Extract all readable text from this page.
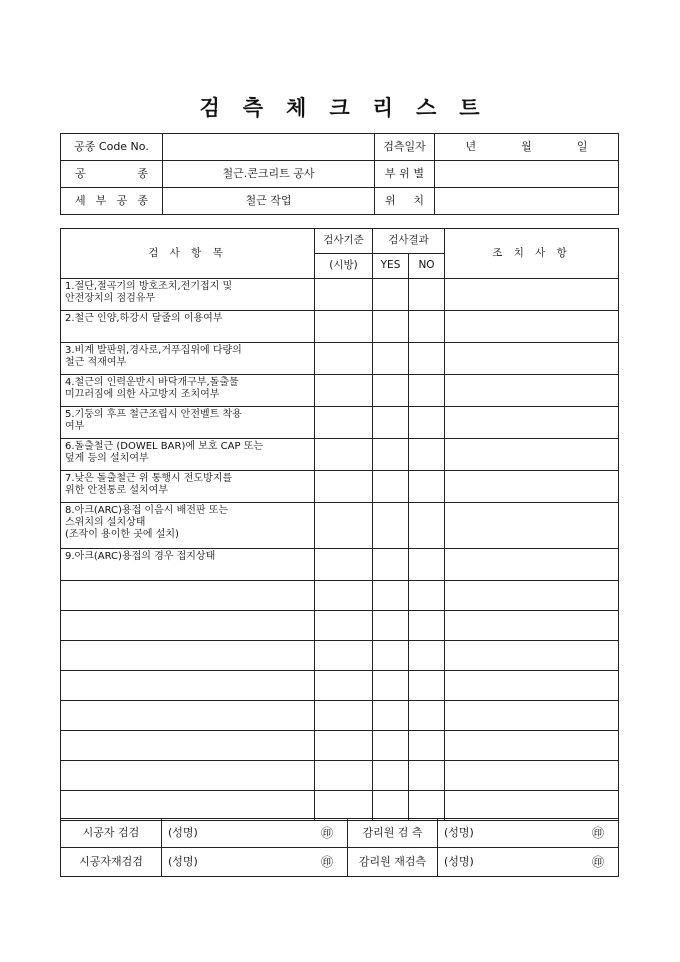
검 측 체 크 리 스 트
공종 Code No.		검측일자	년 월 일

공 종	철근.콘크리트 공사	부 위 별	
세 부 공 종	철근 작업	위 치	
검 사 항 목	검사기준	검사결과		조 치 사 항
	(시방)	YES	NO	
1.절단,절곡기의 방호조치,전기접지 및
안전장치의 점검유무				
2.철근 인양,하강시 달줄의 이용여부				
3.비계 발판위,경사로,거푸집위에 다량의
철근 적재여부				
4.철근의 인력운반시 바닥개구부,돌출물
미끄러짐에 의한 사고방지 조치여부				
5.기둥의 후프 철근조립시 안전벨트 착용
여부				
6.돌출철근 (DOWEL BAR)에 보호 CAP 또는
덮게 등의 설치여부				
7.낮은 돌출철근 위 통행시 전도방지를
위한 안전통로 설치여부				
8.아크(ARC)용접 이음시 배전판 또는
스위치의 설치상태
(조작이 용이한 곳에 설치)				
9.아크(ARC)용접의 경우 접지상태				

시공자 검검	(성명) ㊞	감리원 검 측	(성명) ㊞

시공자재검검	(성명) ㊞	감리원 재검측	(성명) ㊞
